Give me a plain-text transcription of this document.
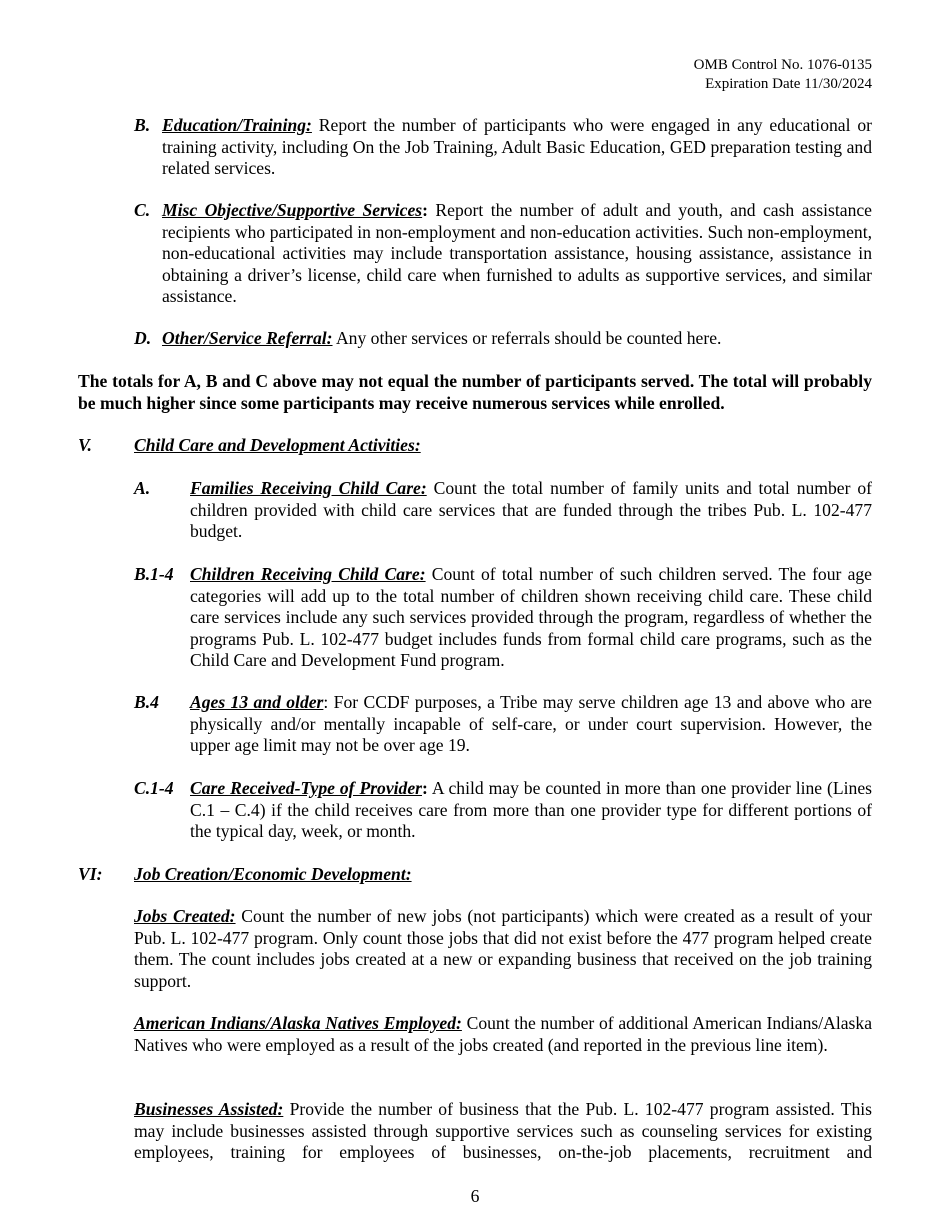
OMB Control No. 1076-0135
Expiration Date 11/30/2024
B. Education/Training: Report the number of participants who were engaged in any educational or training activity, including On the Job Training, Adult Basic Education, GED preparation testing and related services.

C. Misc Objective/Supportive Services: Report the number of adult and youth, and cash assistance recipients who participated in non-employment and non-education activities. Such non-employment, non-educational activities may include transportation assistance, housing assistance, assistance in obtaining a driver’s license, child care when furnished to adults as supportive services, and similar assistance.

D. Other/Service Referral: Any other services or referrals should be counted here.

The totals for A, B and C above may not equal the number of participants served. The total will probably be much higher since some participants may receive numerous services while enrolled.

V. Child Care and Development Activities:
A. Families Receiving Child Care: Count the total number of family units and total number of children provided with child care services that are funded through the tribes Pub. L. 102-477 budget.

B.1-4 Children Receiving Child Care: Count of total number of such children served. The four age categories will add up to the total number of children shown receiving child care. These child care services include any such services provided through the program, regardless of whether the programs Pub. L. 102-477 budget includes funds from formal child care programs, such as the Child Care and Development Fund program.

B.4 Ages 13 and older: For CCDF purposes, a Tribe may serve children age 13 and above who are physically and/or mentally incapable of self-care, or under court supervision. However, the upper age limit may not be over age 19.

C.1-4 Care Received-Type of Provider: A child may be counted in more than one provider line (Lines C.1 – C.4) if the child receives care from more than one provider type for different portions of the typical day, week, or month.

VI: Job Creation/Economic Development:

Jobs Created: Count the number of new jobs (not participants) which were created as a result of your Pub. L. 102-477 program. Only count those jobs that did not exist before the 477 program helped create them. The count includes jobs created at a new or expanding business that received on the job training support.

American Indians/Alaska Natives Employed: Count the number of additional American Indians/Alaska Natives who were employed as a result of the jobs created (and reported in the previous line item).

Businesses Assisted: Provide the number of business that the Pub. L. 102-477 program assisted. This may include businesses assisted through supportive services such as counseling services for existing employees, training for employees of businesses, on-the-job placements, recruitment and

6
